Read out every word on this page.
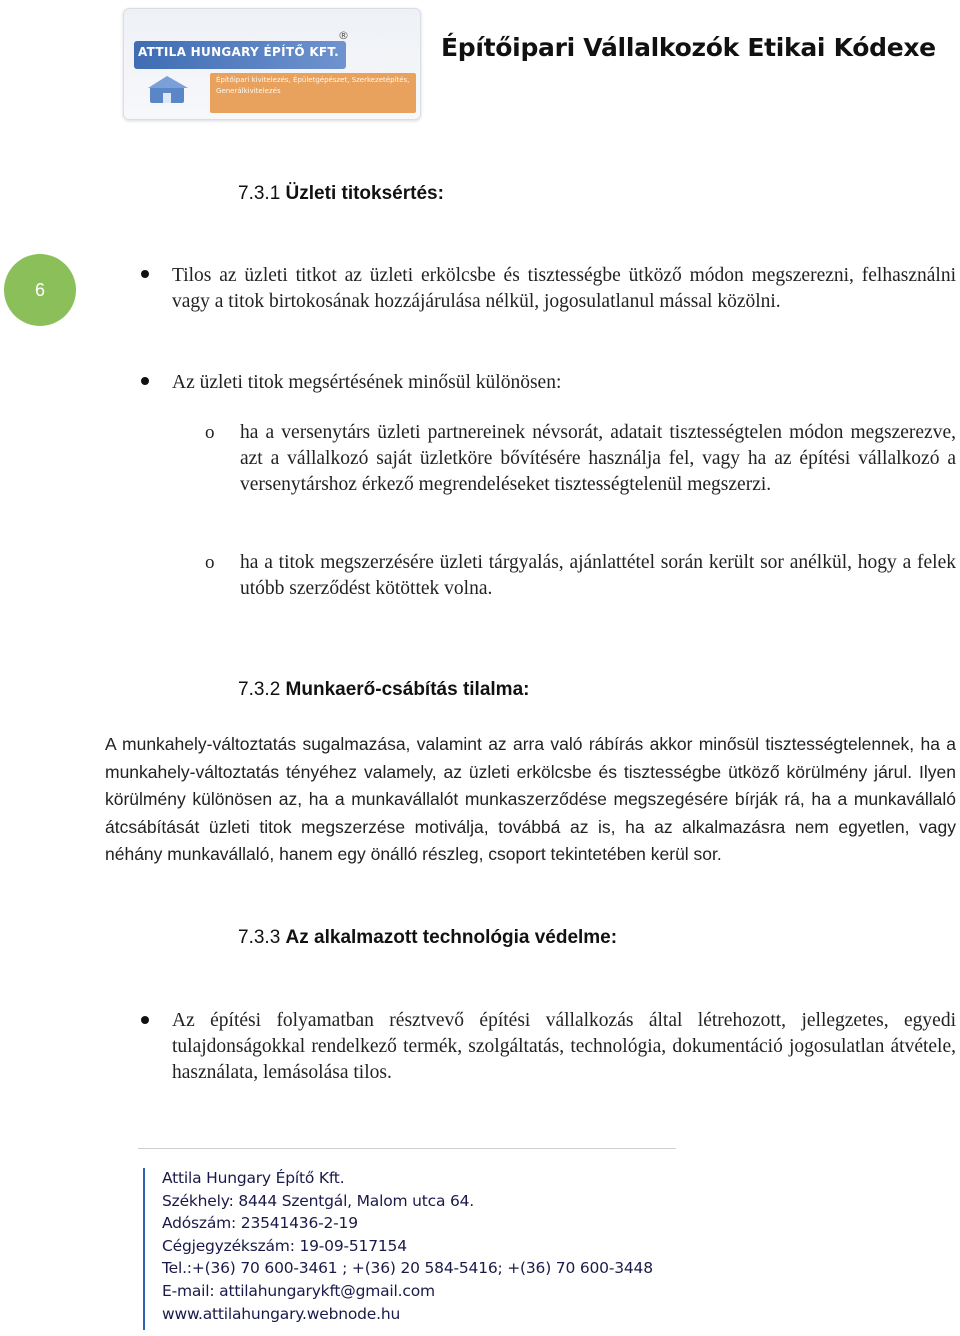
ATTILA HUNGARY ÉPÍTŐ KFT.
®
Építőipari kivitelezés, Épületgépészet, Szerkezetépítés, Generálkivitelezés
Építőipari Vállalkozók Etikai Kódexe
6
7.3.1 Üzleti titoksértés:
Tilos az üzleti titkot az üzleti erkölcsbe és tisztességbe ütköző módon megszerezni, felhasználni vagy a titok birtokosának hozzájárulása nélkül, jogosulatlanul mással közölni.
Az üzleti titok megsértésének minősül különösen:
o ha a versenytárs üzleti partnereinek névsorát, adatait tisztességtelen módon megszerezve, azt a vállalkozó saját üzletköre bővítésére használja fel, vagy ha az építési vállalkozó a versenytárshoz érkező megrendeléseket tisztességtelenül megszerzi.
o ha a titok megszerzésére üzleti tárgyalás, ajánlattétel során került sor anélkül, hogy a felek utóbb szerződést kötöttek volna.
7.3.2 Munkaerő-csábítás tilalma:
A munkahely-változtatás sugalmazása, valamint az arra való rábírás akkor minősül tisztességtelennek, ha a munkahely-változtatás tényéhez valamely, az üzleti erkölcsbe és tisztességbe ütköző körülmény járul. Ilyen körülmény különösen az, ha a munkavállalót munkaszerződése megszegésére bírják rá, ha a munkavállaló átcsábítását üzleti titok megszerzése motiválja, továbbá az is, ha az alkalmazásra nem egyetlen, vagy néhány munkavállaló, hanem egy önálló részleg, csoport tekintetében kerül sor.
7.3.3 Az alkalmazott technológia védelme:
Az építési folyamatban résztvevő építési vállalkozás által létrehozott, jellegzetes, egyedi tulajdonságokkal rendelkező termék, szolgáltatás, technológia, dokumentáció jogosulatlan átvétele, használata, lemásolása tilos.
Attila Hungary Építő Kft.
Székhely: 8444 Szentgál, Malom utca 64.
Adószám: 23541436-2-19
Cégjegyzékszám: 19-09-517154
Tel.:+(36) 70 600-3461 ; +(36) 20 584-5416; +(36) 70 600-3448
E-mail: attilahungarykft@gmail.com
www.attilahungary.webnode.hu
